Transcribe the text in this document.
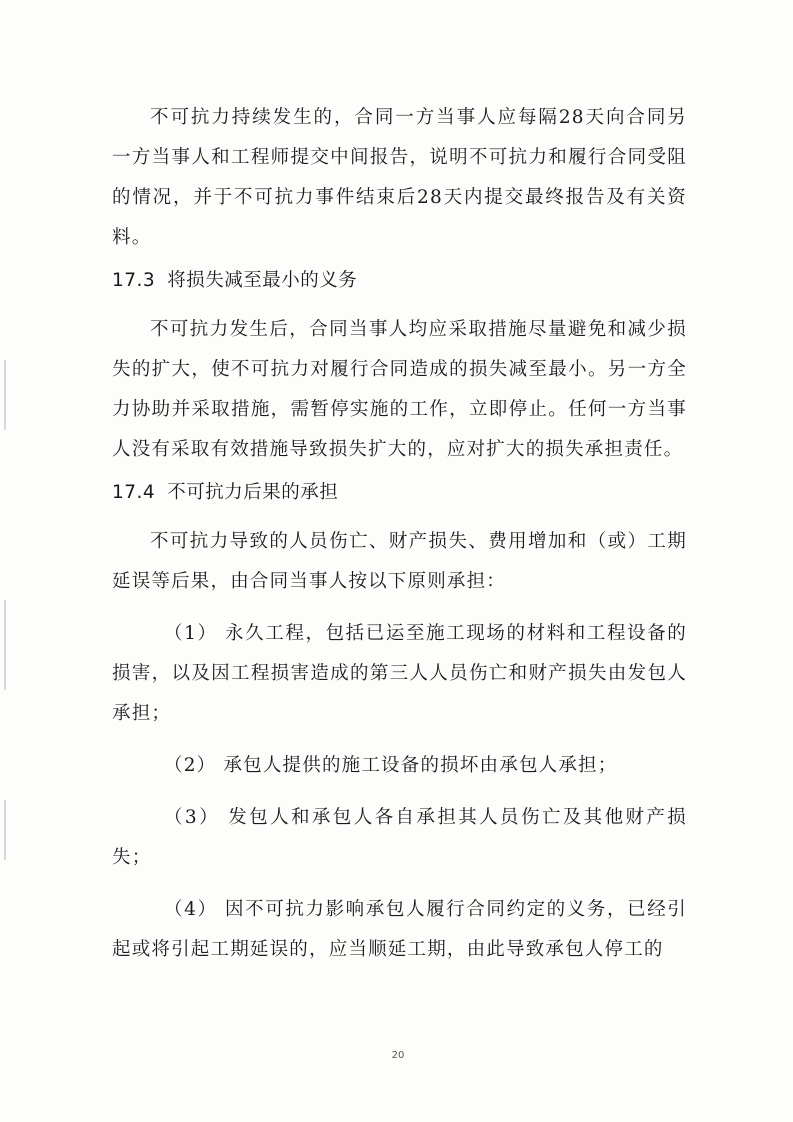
不可抗力持续发生的，合同一方当事人应每隔28天向合同另一方当事人和工程师提交中间报告，说明不可抗力和履行合同受阻的情况，并于不可抗力事件结束后28天内提交最终报告及有关资料。

17.3 将损失减至最小的义务

不可抗力发生后，合同当事人均应采取措施尽量避免和减少损失的扩大，使不可抗力对履行合同造成的损失减至最小。另一方全力协助并采取措施，需暂停实施的工作，立即停止。任何一方当事人没有采取有效措施导致损失扩大的，应对扩大的损失承担责任。

17.4 不可抗力后果的承担

不可抗力导致的人员伤亡、财产损失、费用增加和（或）工期延误等后果，由合同当事人按以下原则承担：

（1） 永久工程，包括已运至施工现场的材料和工程设备的损害，以及因工程损害造成的第三人人员伤亡和财产损失由发包人承担；

（2） 承包人提供的施工设备的损坏由承包人承担；

（3） 发包人和承包人各自承担其人员伤亡及其他财产损失；

（4） 因不可抗力影响承包人履行合同约定的义务，已经引起或将引起工期延误的，应当顺延工期，由此导致承包人停工的

20
